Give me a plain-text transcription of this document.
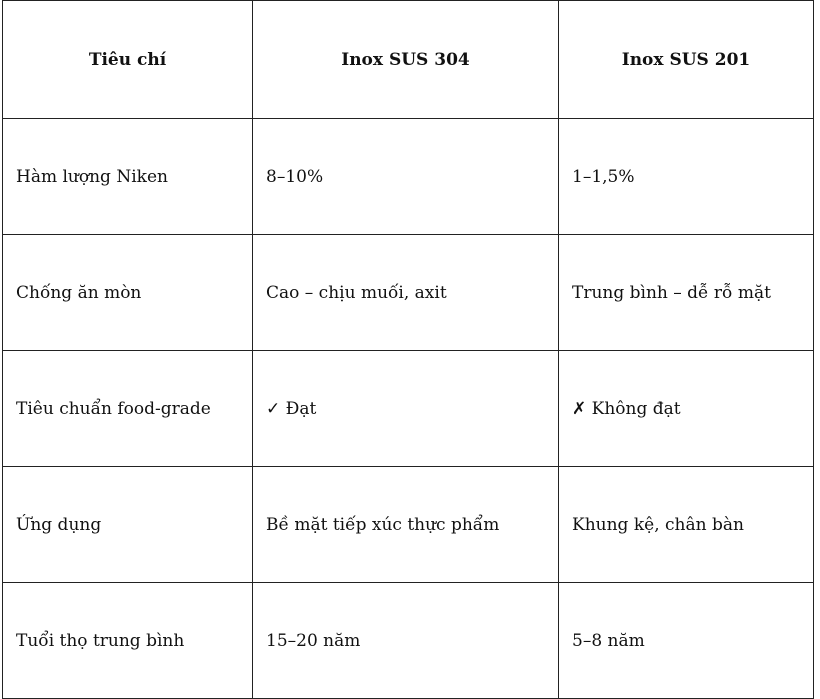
Tiêu chí	Inox SUS 304	Inox SUS 201
Hàm lượng Niken	8–10%	1–1,5%
Chống ăn mòn	Cao – chịu muối, axit	Trung bình – dễ rỗ mặt
Tiêu chuẩn food-grade	✓ Đạt	✗ Không đạt
Ứng dụng	Bề mặt tiếp xúc thực phẩm	Khung kệ, chân bàn
Tuổi thọ trung bình	15–20 năm	5–8 năm
